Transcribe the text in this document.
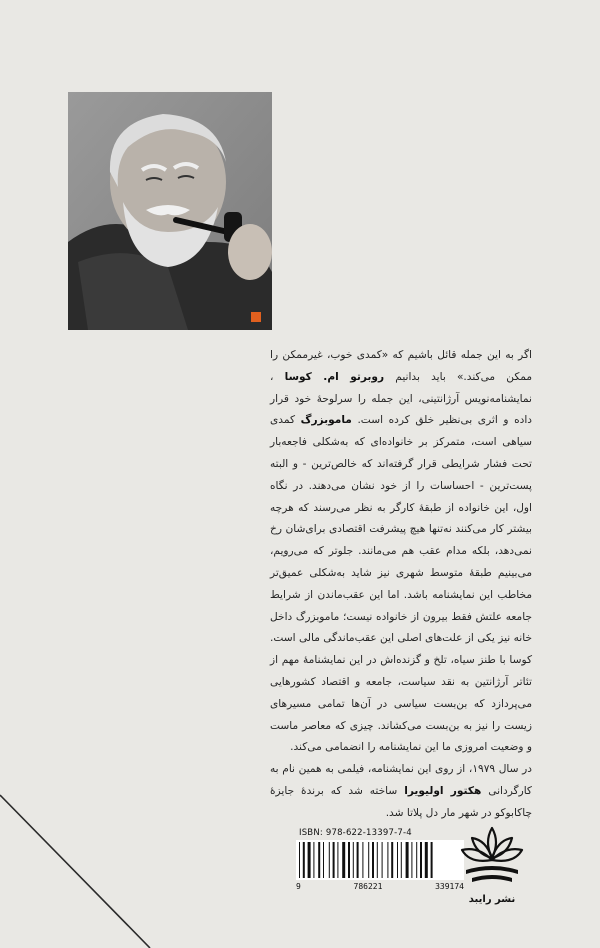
اگر به این جمله قائل باشیم که «کمدی خوب، غیرممکن را ممکن می‌کند.» باید بدانیم روبرتو ام. کوسا ، نمایشنامه‌نویس آرژانتینی، این جمله را سرلوحهٔ خود قرار داده و اثری بی‌نظیر خلق کرده است. ماموبزرگ کمدی سیاهی است، متمرکز بر خانواده‌ای که به‌شکلی فاجعه‌بار تحت فشار شرایطی قرار گرفته‌اند که خالص‌ترین - و البته پست‌ترین - احساسات را از خود نشان می‌دهند. در نگاه اول، این خانواده از طبقهٔ کارگر به نظر می‌رسند که هرچه بیشتر کار می‌کنند نه‌تنها هیچ پیشرفت اقتصادی برای‌شان رخ نمی‌دهد، بلکه مدام عقب هم می‌مانند. جلوتر که می‌رویم، می‌بینیم طبقهٔ متوسط شهری نیز شاید به‌شکلی عمیق‌تر مخاطب این نمایشنامه باشد. اما این عقب‌ماندن از شرایط جامعه علتش فقط بیرون از خانواده نیست؛ ماموبزرگ داخل خانه نیز یکی از علت‌های اصلی این عقب‌ماندگی مالی است. کوسا با طنز سیاه، تلخ و گزنده‌اش در این نمایشنامهٔ مهم از تئاتر آرژانتین به نقد سیاست، جامعه و اقتصاد کشورهایی می‌پردازد که بن‌بست سیاسی در آن‌ها تمامی مسیرهای زیست را نیز به بن‌بست می‌کشاند. چیزی که معاصر ماست و وضعیت امروزی ما این نمایشنامه را انضمامی می‌کند.

در سال ۱۹۷۹، از روی این نمایشنامه، فیلمی به همین نام به کارگردانی هکتور اولیویرا ساخته شد که برندهٔ جایزهٔ چاکابوکو در شهر مار دل پلاتا شد.

ISBN: 978-622-13397-7-4
9	786221	339174
نشر رایبد
